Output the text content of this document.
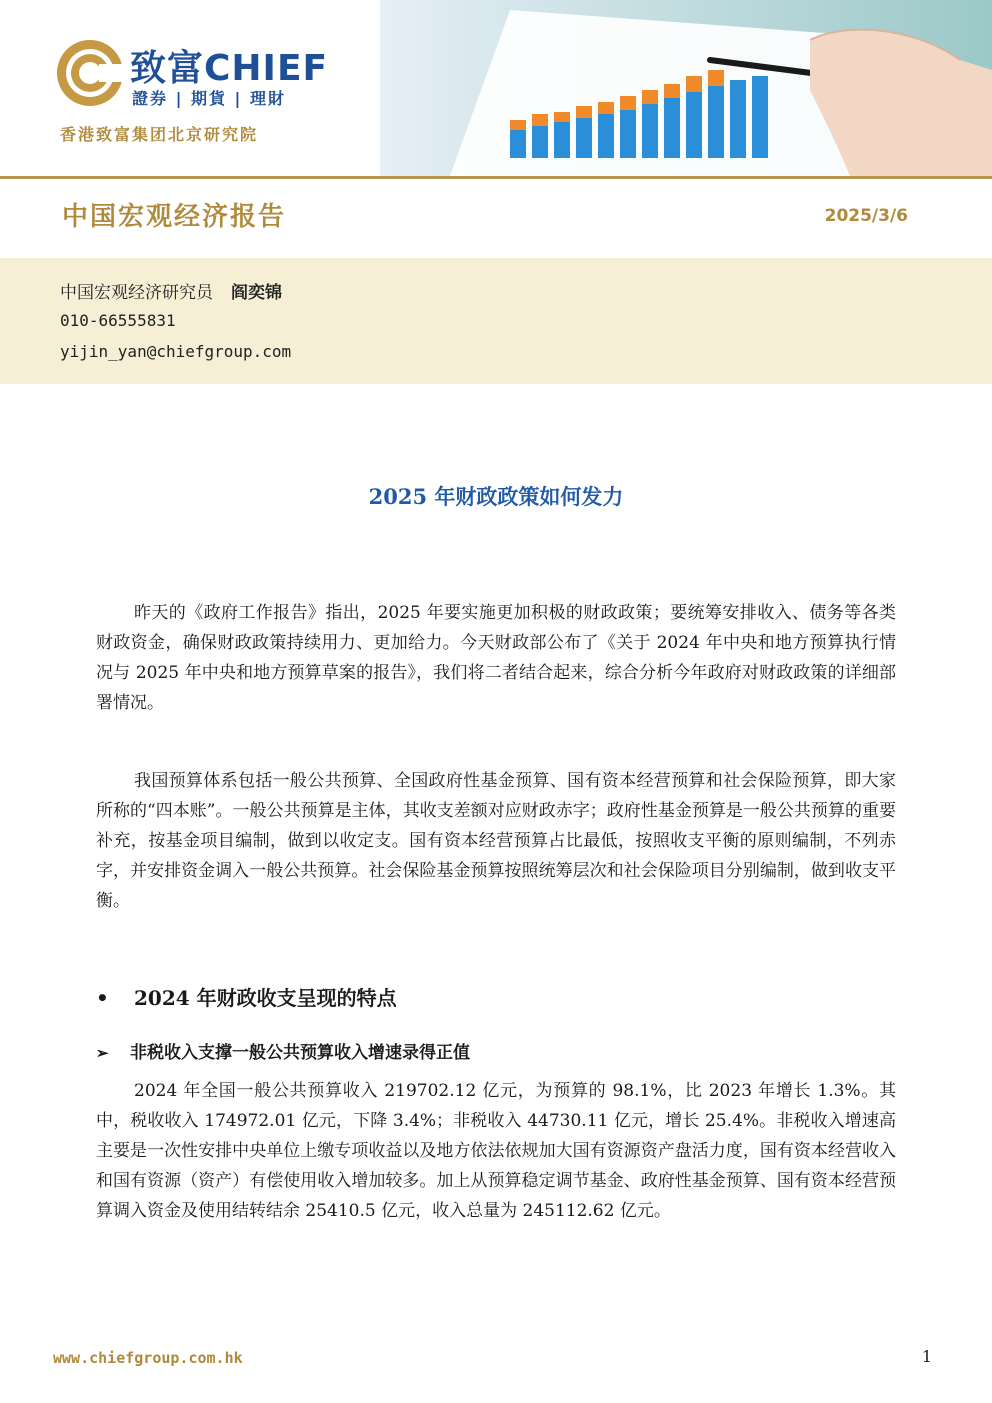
致富CHIEF
證券 | 期貨 | 理財
香港致富集团北京研究院
中国宏观经济报告	2025/3/6
中国宏观经济研究员 阎奕锦
010-66555831
yijin_yan@chiefgroup.com
2025 年财政政策如何发力

昨天的《政府工作报告》指出，2025 年要实施更加积极的财政政策；要统筹安排收入、债务等各类财政资金，确保财政政策持续用力、更加给力。今天财政部公布了《关于 2024 年中央和地方预算执行情况与 2025 年中央和地方预算草案的报告》，我们将二者结合起来，综合分析今年政府对财政政策的详细部署情况。

我国预算体系包括一般公共预算、全国政府性基金预算、国有资本经营预算和社会保险预算，即大家所称的“四本账”。一般公共预算是主体，其收支差额对应财政赤字；政府性基金预算是一般公共预算的重要补充，按基金项目编制，做到以收定支。国有资本经营预算占比最低，按照收支平衡的原则编制，不列赤字，并安排资金调入一般公共预算。社会保险基金预算按照统筹层次和社会保险项目分别编制，做到收支平衡。

• 2024 年财政收支呈现的特点
➢ 非税收入支撑一般公共预算收入增速录得正值

2024 年全国一般公共预算收入 219702.12 亿元，为预算的 98.1%，比 2023 年增长 1.3%。其中，税收收入 174972.01 亿元，下降 3.4%；非税收入 44730.11 亿元，增长 25.4%。非税收入增速高主要是一次性安排中央单位上缴专项收益以及地方依法依规加大国有资源资产盘活力度，国有资本经营收入和国有资源（资产）有偿使用收入增加较多。加上从预算稳定调节基金、政府性基金预算、国有资本经营预算调入资金及使用结转结余 25410.5 亿元，收入总量为 245112.62 亿元。

www.chiefgroup.com.hk	1
